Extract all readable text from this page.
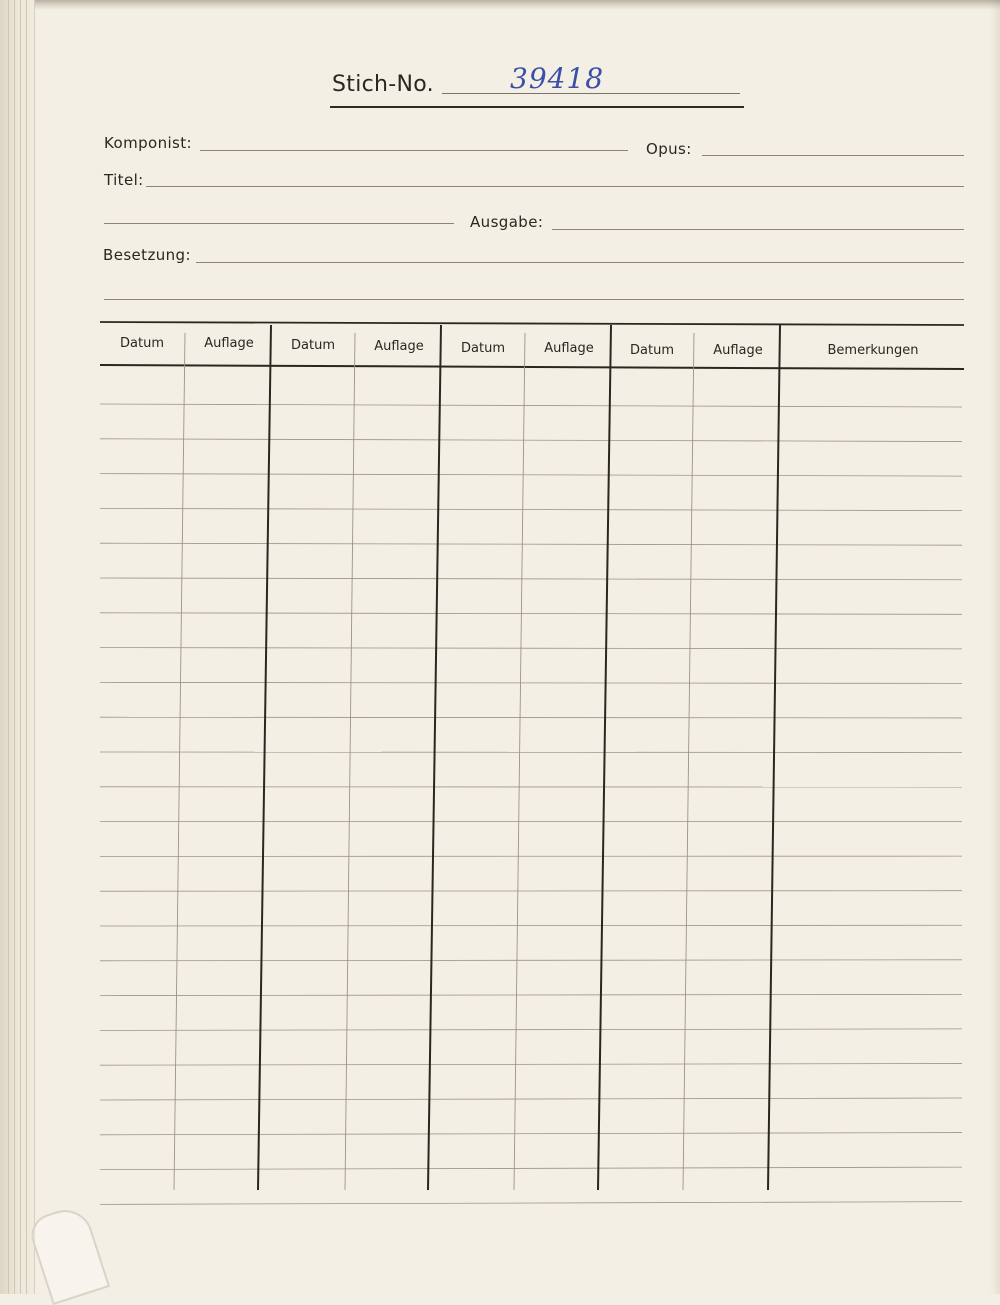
Stich-No.	39418
Komponist:	Opus:
Titel:
Ausgabe:
Besetzung:
Datum	Auflage	Datum	Auflage	Datum	Auflage	Datum	Auflage	Bemerkungen
